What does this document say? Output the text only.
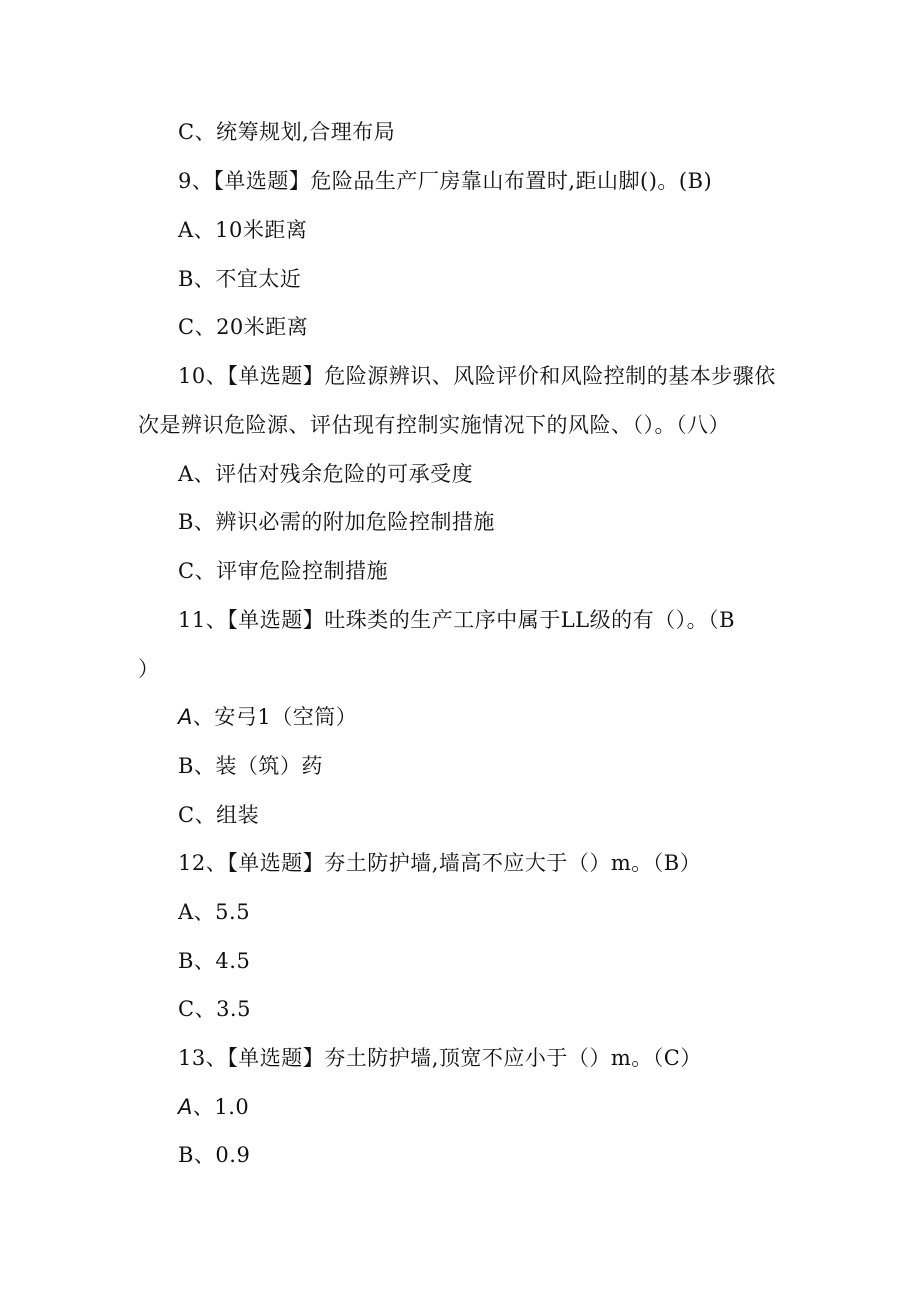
C、统筹规划,合理布局
9、【单选题】危险品生产厂房靠山布置时,距山脚()。(B)
A、10米距离
B、不宜太近
C、20米距离
10、【单选题】危险源辨识、风险评价和风险控制的基本步骤依
次是辨识危险源、评估现有控制实施情况下的风险、（）。（八）
A、评估对残余危险的可承受度
B、辨识必需的附加危险控制措施
C、评审危险控制措施
11、【单选题】吐珠类的生产工序中属于LL级的有（）。（B
）
A、安弓1（空筒）
B、装（筑）药
C、组装
12、【单选题】夯土防护墙,墙高不应大于（）m。（B）
A、5.5
B、4.5
C、3.5
13、【单选题】夯土防护墙,顶宽不应小于（）m。（C）
A、1.0
B、0.9
